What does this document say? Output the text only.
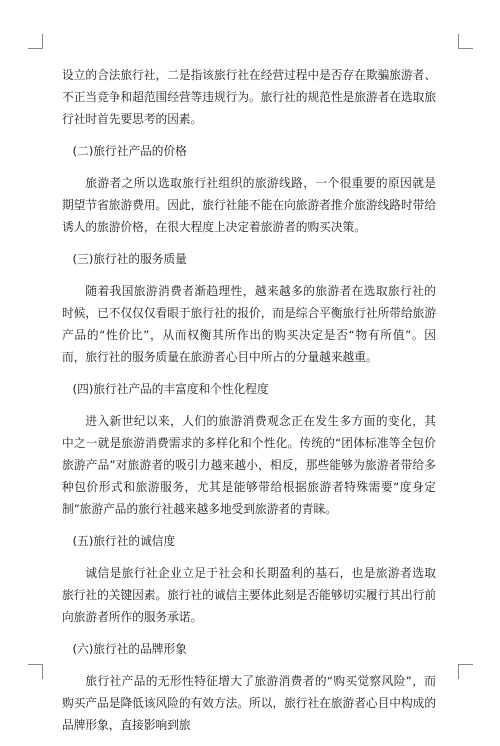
设立的合法旅行社，二是指该旅行社在经营过程中是否存在欺骗旅游者、不正当竞争和超范围经营等违规行为。旅行社的规范性是旅游者在选取旅行社时首先要思考的因素。

(二)旅行社产品的价格

旅游者之所以选取旅行社组织的旅游线路，一个很重要的原因就是期望节省旅游费用。因此，旅行社能不能在向旅游者推介旅游线路时带给诱人的旅游价格，在很大程度上决定着旅游者的购买决策。

(三)旅行社的服务质量

随着我国旅游消费者渐趋理性，越来越多的旅游者在选取旅行社的时候，已不仅仅仅看眼于旅行社的报价，而是综合平衡旅行社所带给旅游产品的“性价比”，从而权衡其所作出的购买决定是否“物有所值”。因而，旅行社的服务质量在旅游者心目中所占的分量越来越重。

(四)旅行社产品的丰富度和个性化程度

进入新世纪以来，人们的旅游消费观念正在发生多方面的变化，其中之一就是旅游消费需求的多样化和个性化。传统的“团体标准等全包价旅游产品”对旅游者的吸引力越来越小，相反，那些能够为旅游者带给多种包价形式和旅游服务，尤其是能够带给根据旅游者特殊需要“度身定制”旅游产品的旅行社越来越多地受到旅游者的青睐。

(五)旅行社的诚信度

诚信是旅行社企业立足于社会和长期盈利的基石，也是旅游者选取旅行社的关键因素。旅行社的诚信主要体此刻是否能够切实履行其出行前向旅游者所作的服务承诺。

(六)旅行社的品牌形象

旅行社产品的无形性特征增大了旅游消费者的“购买觉察风险”，而购买产品是降低该风险的有效方法。所以，旅行社在旅游者心目中构成的品牌形象，直接影响到旅
